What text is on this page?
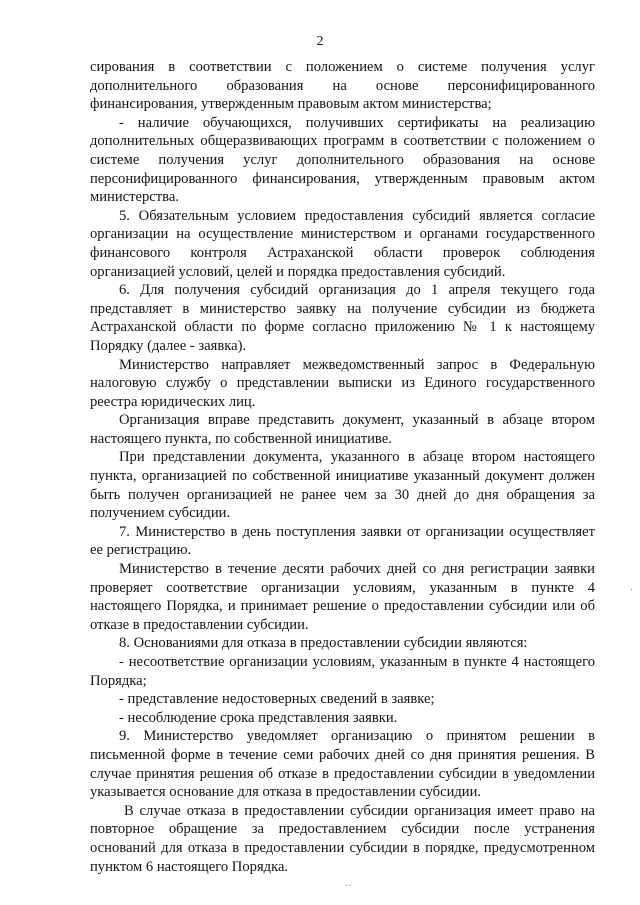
2

сирования в соответствии с положением о системе получения услуг дополнительного образования на основе персонифицированного финансирования, утвержденным правовым актом министерства;

- наличие обучающихся, получивших сертификаты на реализацию дополнительных общеразвивающих программ в соответствии с положением о системе получения услуг дополнительного образования на основе персонифицированного финансирования, утвержденным правовым актом министерства.

5. Обязательным условием предоставления субсидий является согласие организации на осуществление министерством и органами государственного финансового контроля Астраханской области проверок соблюдения организацией условий, целей и порядка предоставления субсидий.

6. Для получения субсидий организация до 1 апреля текущего года представляет в министерство заявку на получение субсидии из бюджета Астраханской области по форме согласно приложению № 1 к настоящему Порядку (далее - заявка).

Министерство направляет межведомственный запрос в Федеральную налоговую службу о представлении выписки из Единого государственного реестра юридических лиц.

Организация вправе представить документ, указанный в абзаце втором настоящего пункта, по собственной инициативе.

При представлении документа, указанного в абзаце втором настоящего пункта, организацией по собственной инициативе указанный документ должен быть получен организацией не ранее чем за 30 дней до дня обращения за получением субсидии.

7. Министерство в день поступления заявки от организации осуществляет ее регистрацию.

Министерство в течение десяти рабочих дней со дня регистрации заявки проверяет соответствие организации условиям, указанным в пункте 4 настоящего Порядка, и принимает решение о предоставлении субсидии или об отказе в предоставлении субсидии.

8. Основаниями для отказа в предоставлении субсидии являются:

- несоответствие организации условиям, указанным в пункте 4 настоящего Порядка;

- представление недостоверных сведений в заявке;

- несоблюдение срока представления заявки.

9. Министерство уведомляет организацию о принятом решении в письменной форме в течение семи рабочих дней со дня принятия решения. В случае принятия решения об отказе в предоставлении субсидии в уведомлении указывается основание для отказа в предоставлении субсидии.

В случае отказа в предоставлении субсидии организация имеет право на повторное обращение за предоставлением субсидии после устранения оснований для отказа в предоставлении субсидии в порядке, предусмотренном пунктом 6 настоящего Порядка.

·
··
